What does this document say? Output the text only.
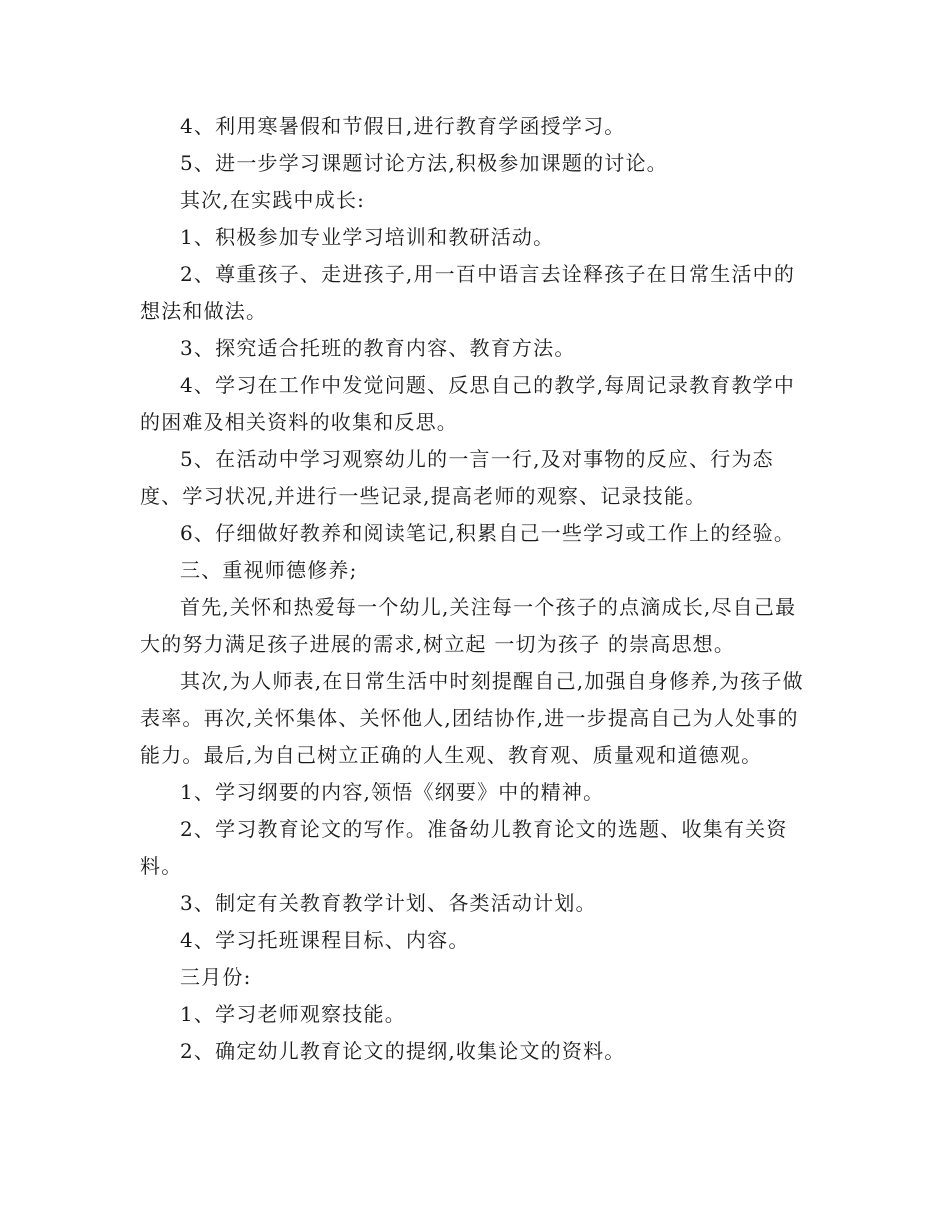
4、利用寒暑假和节假日,进行教育学函授学习。

5、进一步学习课题讨论方法,积极参加课题的讨论。

其次,在实践中成长:

1、积极参加专业学习培训和教研活动。

2、尊重孩子、走进孩子,用一百中语言去诠释孩子在日常生活中的想法和做法。

3、探究适合托班的教育内容、教育方法。

4、学习在工作中发觉问题、反思自己的教学,每周记录教育教学中的困难及相关资料的收集和反思。

5、在活动中学习观察幼儿的一言一行,及对事物的反应、行为态度、学习状况,并进行一些记录,提高老师的观察、记录技能。

6、仔细做好教养和阅读笔记,积累自己一些学习或工作上的经验。

三、重视师德修养;

首先,关怀和热爱每一个幼儿,关注每一个孩子的点滴成长,尽自己最大的努力满足孩子进展的需求,树立起 一切为孩子 的崇高思想。

其次,为人师表,在日常生活中时刻提醒自己,加强自身修养,为孩子做表率。再次,关怀集体、关怀他人,团结协作,进一步提高自己为人处事的能力。最后,为自己树立正确的人生观、教育观、质量观和道德观。

1、学习纲要的内容,领悟《纲要》中的精神。

2、学习教育论文的写作。准备幼儿教育论文的选题、收集有关资料。

3、制定有关教育教学计划、各类活动计划。

4、学习托班课程目标、内容。

三月份:

1、学习老师观察技能。

2、确定幼儿教育论文的提纲,收集论文的资料。
